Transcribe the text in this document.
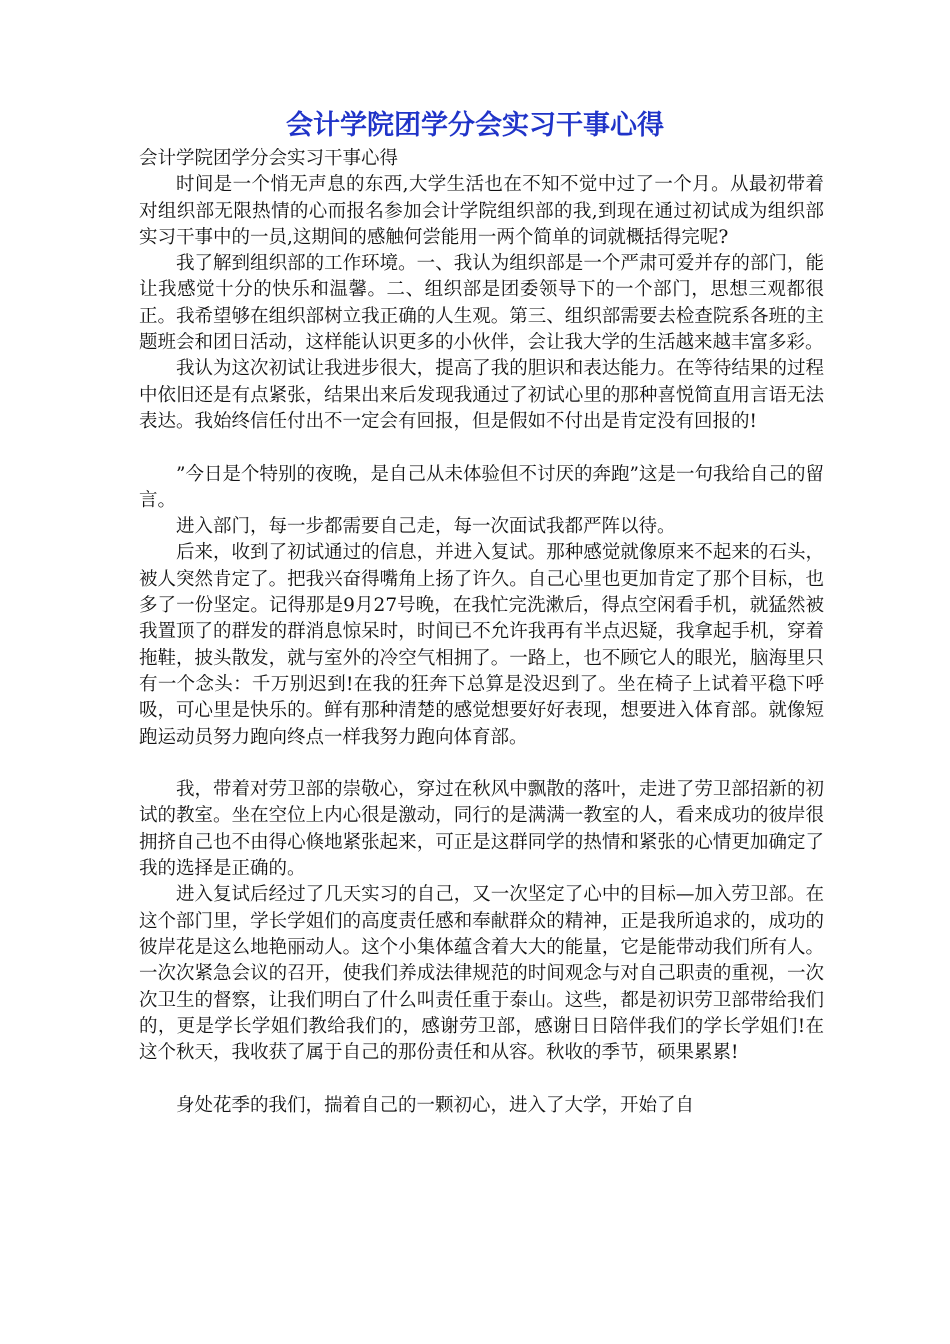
会计学院团学分会实习干事心得

会计学院团学分会实习干事心得

时间是一个悄无声息的东西,大学生活也在不知不觉中过了一个月。从最初带着对组织部无限热情的心而报名参加会计学院组织部的我,到现在通过初试成为组织部实习干事中的一员,这期间的感触何尝能用一两个简单的词就概括得完呢?

我了解到组织部的工作环境。一、我认为组织部是一个严肃可爱并存的部门，能让我感觉十分的快乐和温馨。二、组织部是团委领导下的一个部门，思想三观都很正。我希望够在组织部树立我正确的人生观。第三、组织部需要去检查院系各班的主题班会和团日活动，这样能认识更多的小伙伴，会让我大学的生活越来越丰富多彩。

我认为这次初试让我进步很大，提高了我的胆识和表达能力。在等待结果的过程中依旧还是有点紧张，结果出来后发现我通过了初试心里的那种喜悦简直用言语无法表达。我始终信任付出不一定会有回报，但是假如不付出是肯定没有回报的!

”今日是个特别的夜晚，是自己从未体验但不讨厌的奔跑”这是一句我给自己的留言。

进入部门，每一步都需要自己走，每一次面试我都严阵以待。

后来，收到了初试通过的信息，并进入复试。那种感觉就像原来不起来的石头，被人突然肯定了。把我兴奋得嘴角上扬了许久。自己心里也更加肯定了那个目标，也多了一份坚定。记得那是9月27号晚，在我忙完洗漱后，得点空闲看手机，就猛然被我置顶了的群发的群消息惊呆时，时间已不允许我再有半点迟疑，我拿起手机，穿着拖鞋，披头散发，就与室外的冷空气相拥了。一路上，也不顾它人的眼光，脑海里只有一个念头：千万别迟到!在我的狂奔下总算是没迟到了。坐在椅子上试着平稳下呼吸，可心里是快乐的。鲜有那种清楚的感觉想要好好表现，想要进入体育部。就像短跑运动员努力跑向终点一样我努力跑向体育部。

我，带着对劳卫部的崇敬心，穿过在秋风中飘散的落叶，走进了劳卫部招新的初试的教室。坐在空位上内心很是激动，同行的是满满一教室的人，看来成功的彼岸很拥挤自己也不由得心倏地紧张起来，可正是这群同学的热情和紧张的心情更加确定了我的选择是正确的。

进入复试后经过了几天实习的自己，又一次坚定了心中的目标—加入劳卫部。在这个部门里，学长学姐们的高度责任感和奉献群众的精神，正是我所追求的，成功的彼岸花是这么地艳丽动人。这个小集体蕴含着大大的能量，它是能带动我们所有人。一次次紧急会议的召开，使我们养成法律规范的时间观念与对自己职责的重视，一次次卫生的督察，让我们明白了什么叫责任重于泰山。这些，都是初识劳卫部带给我们的，更是学长学姐们教给我们的，感谢劳卫部，感谢日日陪伴我们的学长学姐们!在这个秋天，我收获了属于自己的那份责任和从容。秋收的季节，硕果累累!

身处花季的我们，揣着自己的一颗初心，进入了大学，开始了自
